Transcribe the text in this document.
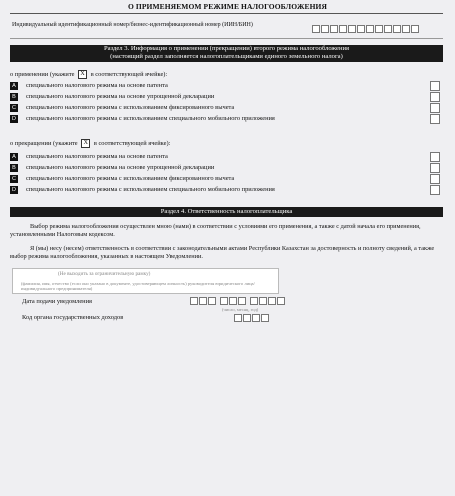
О ПРИМЕНЯЕМОМ РЕЖИМЕ НАЛОГООБЛОЖЕНИЯ
Индивидуальный идентификационный номер/бизнес-идентификационный номер (ИИН/БИН)
Раздел 3. Информация о применении (прекращении) второго режима налогообложения
(настоящий раздел заполняется налогоплательщиками единого земельного налога)
о применении (укажите X в соответствующей ячейке):
A специального налогового режима на основе патента
B специального налогового режима на основе упрощенной декларации
C специального налогового режима с использованием фиксированного вычета
D специального налогового режима с использованием специального мобильного приложения
о прекращении (укажите X в соответствующей ячейке):
A специального налогового режима на основе патента
B специального налогового режима на основе упрощенной декларации
C специального налогового режима с использованием фиксированного вычета
D специального налогового режима с использованием специального мобильного приложения
Раздел 4. Ответственность налогоплательщика
Выбор режима налогообложения осуществлен мною (нами) в соответствии с условиями его применения, а также с датой начала его применения, установленными Налоговым кодексом.
Я (мы) несу (несем) ответственность в соответствии с законодательными актами Республики Казахстан за достоверность и полноту сведений, а также выбор режима налогообложения, указанных в настоящем Уведомлении.
(Не выходить за ограничительную рамку)
(фамилия, имя, отчество (если оно указано в документе, удостоверяющем личность) руководителя юридического лица/индивидуального предпринимателя)
Дата подачи уведомления
(число, месяц, год)
Код органа государственных доходов
